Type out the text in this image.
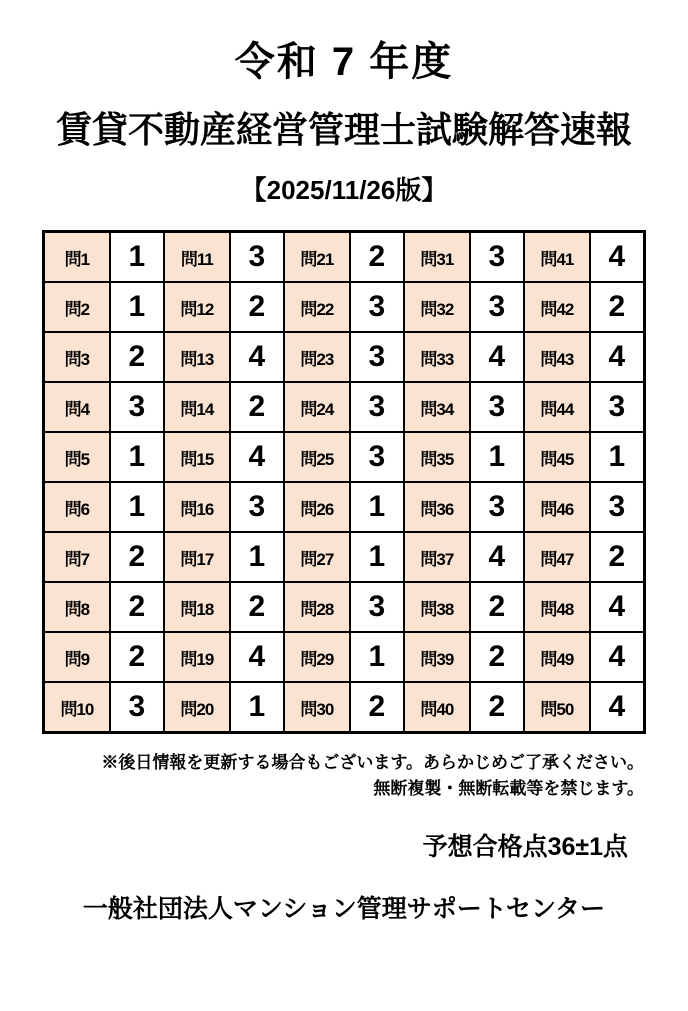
令和 7 年度
賃貸不動産経営管理士試験解答速報
【2025/11/26版】
問1	1	問11	3	問21	2	問31	3	問41	4
問2	1	問12	2	問22	3	問32	3	問42	2
問3	2	問13	4	問23	3	問33	4	問43	4
問4	3	問14	2	問24	3	問34	3	問44	3
問5	1	問15	4	問25	3	問35	1	問45	1
問6	1	問16	3	問26	1	問36	3	問46	3
問7	2	問17	1	問27	1	問37	4	問47	2
問8	2	問18	2	問28	3	問38	2	問48	4
問9	2	問19	4	問29	1	問39	2	問49	4
問10	3	問20	1	問30	2	問40	2	問50	4
※後日情報を更新する場合もございます。あらかじめご了承ください。
無断複製・無断転載等を禁じます。
予想合格点36±1点
一般社団法人マンション管理サポートセンター
